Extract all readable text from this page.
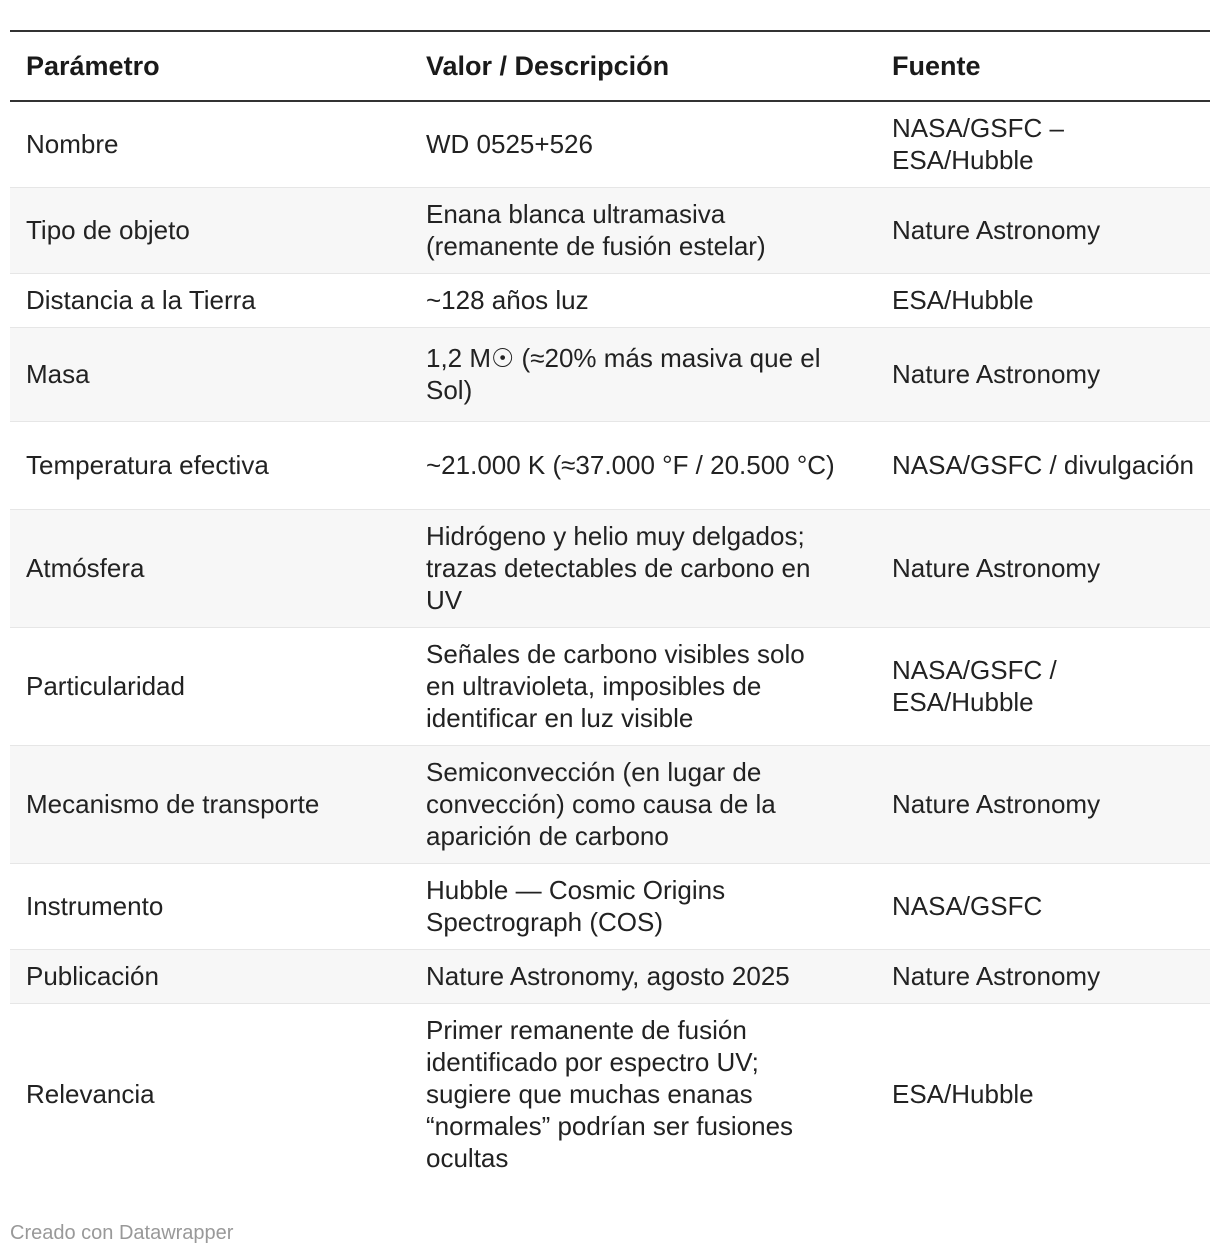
Parámetro	Valor / Descripción	Fuente
Nombre	WD 0525+526	NASA/GSFC – ESA/Hubble
Tipo de objeto	Enana blanca ultramasiva (remanente de fusión estelar)	Nature Astronomy
Distancia a la Tierra	~128 años luz	ESA/Hubble
Masa	1,2 M☉ (≈20% más masiva que el Sol)	Nature Astronomy
Temperatura efectiva	~21.000 K (≈37.000 °F / 20.500 °C)	NASA/GSFC / divulgación
Atmósfera	Hidrógeno y helio muy delgados; trazas detectables de carbono en UV	Nature Astronomy
Particularidad	Señales de carbono visibles solo en ultravioleta, imposibles de identificar en luz visible	NASA/GSFC / ESA/Hubble
Mecanismo de transporte	Semiconvección (en lugar de convección) como causa de la aparición de carbono	Nature Astronomy
Instrumento	Hubble — Cosmic Origins Spectrograph (COS)	NASA/GSFC
Publicación	Nature Astronomy, agosto 2025	Nature Astronomy
Relevancia	Primer remanente de fusión identificado por espectro UV; sugiere que muchas enanas “normales” podrían ser fusiones ocultas	ESA/Hubble
Creado con Datawrapper
